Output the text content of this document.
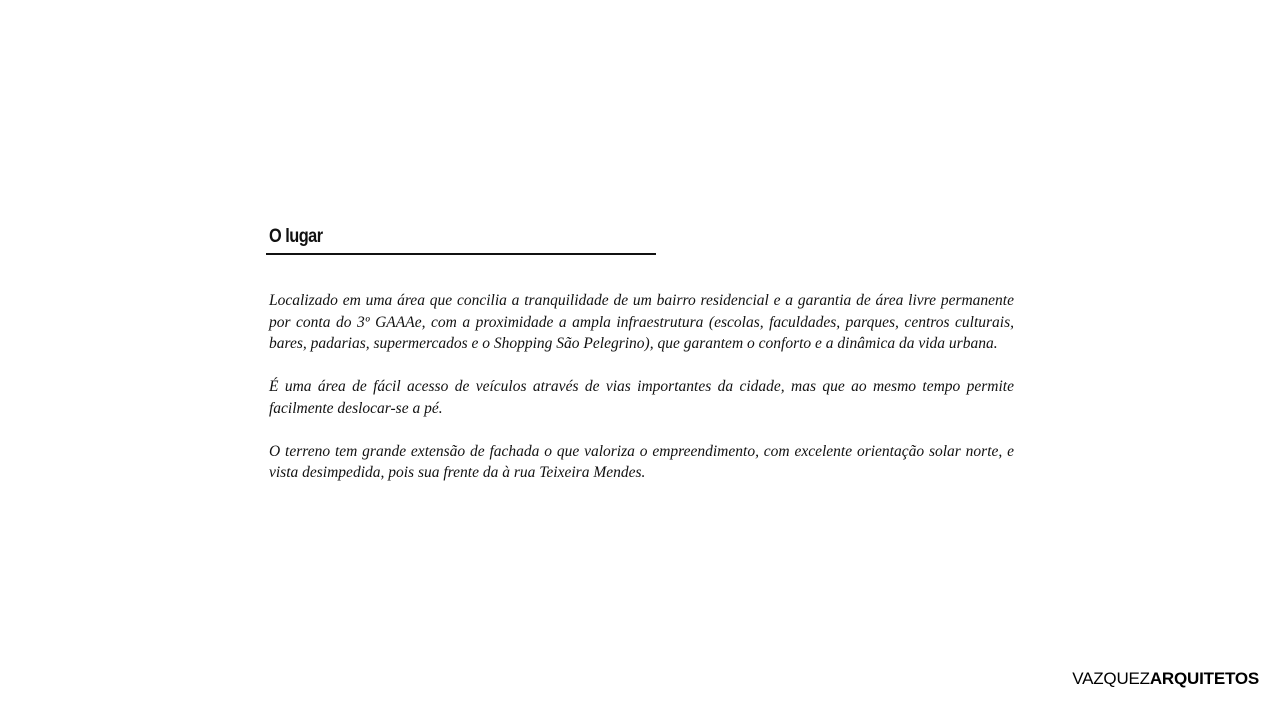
O lugar

Localizado em uma área que concilia a tranquilidade de um bairro residencial e a garantia de área livre permanente por conta do 3º GAAAe, com a proximidade a ampla infraestrutura (escolas, faculdades, parques, centros culturais, bares, padarias, supermercados e o Shopping São Pelegrino), que garantem o conforto e a dinâmica da vida urbana.

É uma área de fácil acesso de veículos através de vias importantes da cidade, mas que ao mesmo tempo permite facilmente deslocar-se a pé.

O terreno tem grande extensão de fachada o que valoriza o empreendimento, com excelente orientação solar norte, e vista desimpedida, pois sua frente da à rua Teixeira Mendes.

VAZQUEZARQUITETOS
